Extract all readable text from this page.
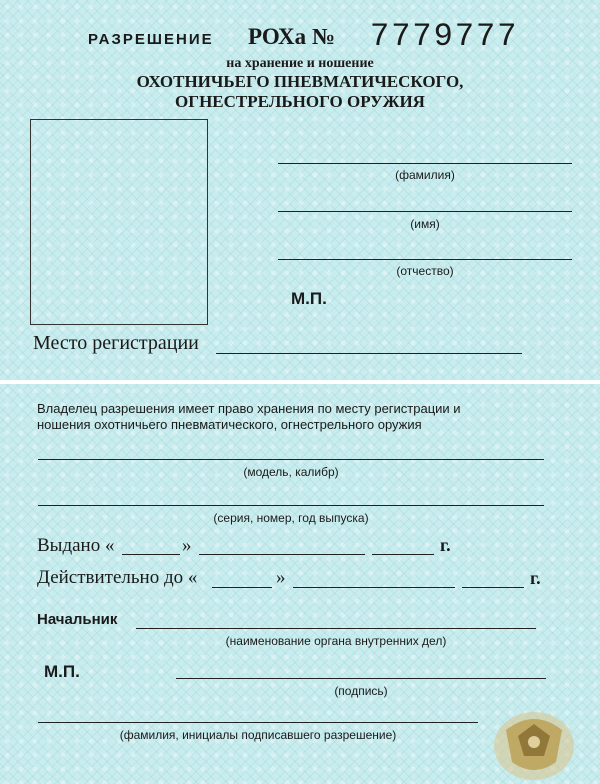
РАЗРЕШЕНИЕ РОХа № 7779777
на хранение и ношение
ОХОТНИЧЬЕГО ПНЕВМАТИЧЕСКОГО,
ОГНЕСТРЕЛЬНОГО ОРУЖИЯ
(фамилия)
(имя)
(отчество)
М.П.
Место регистрации
Владелец разрешения имеет право хранения по месту регистрации и
ношения охотничьего пневматического, огнестрельного оружия
(модель, калибр)
(серия, номер, год выпуска)
Выдано «	»	г.
Действительно до «	»	г.
Начальник
(наименование органа внутренних дел)
М.П.
(подпись)
(фамилия, инициалы подписавшего разрешение)
